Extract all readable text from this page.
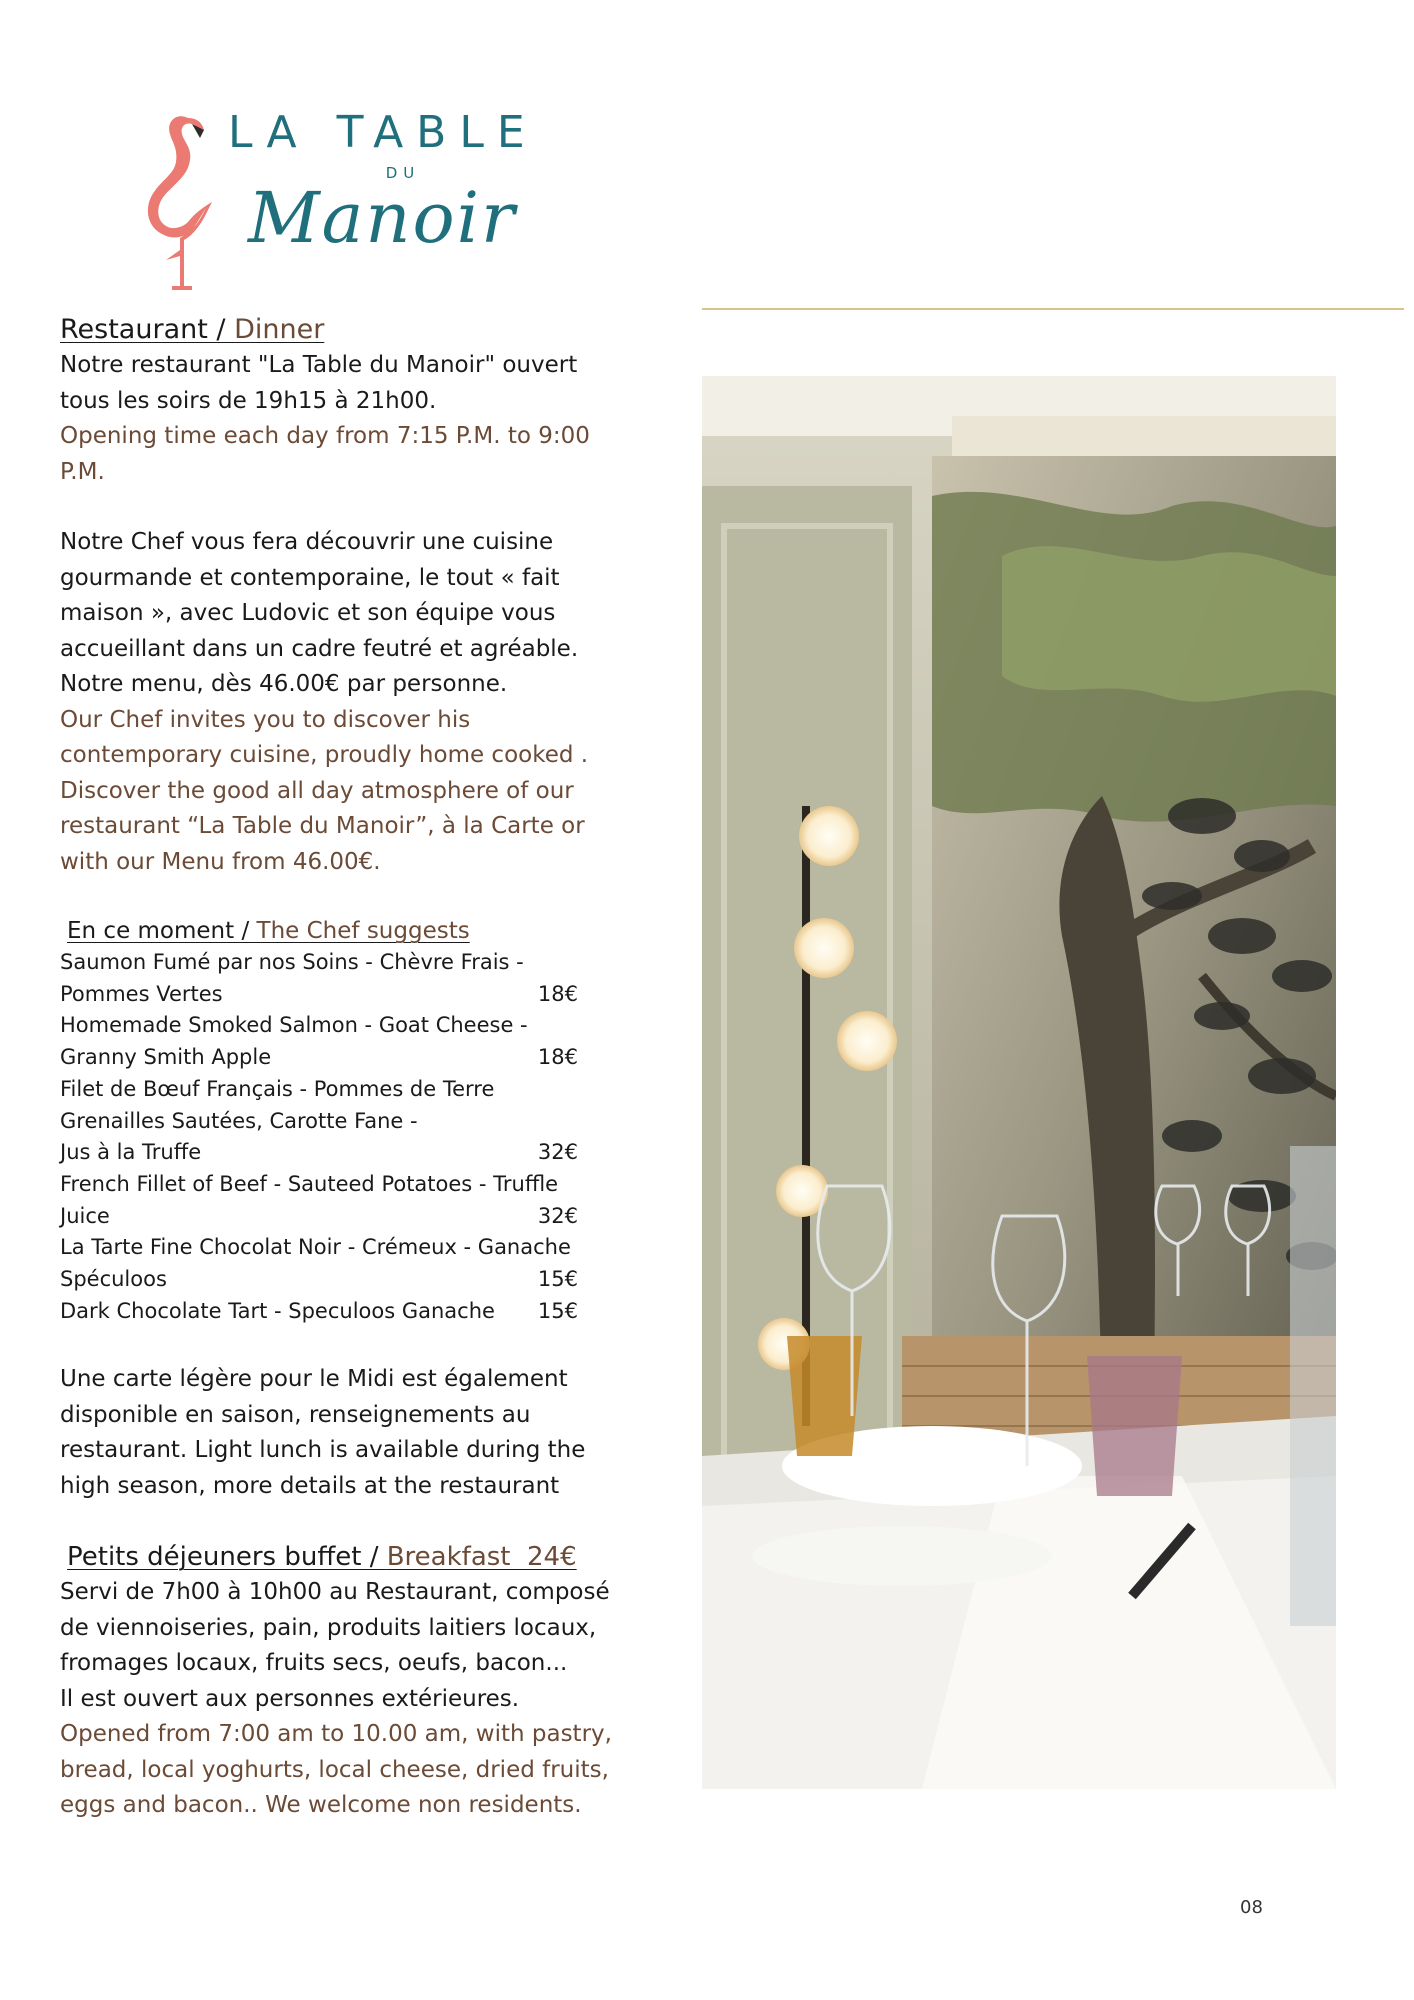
LA TABLE
DU
Manoir
Restaurant / Dinner

Notre restaurant "La Table du Manoir" ouvert tous les soirs de 19h15 à 21h00.

Opening time each day from 7:15 P.M. to 9:00 P.M.

Notre Chef vous fera découvrir une cuisine gourmande et contemporaine, le tout « fait maison », avec Ludovic et son équipe vous accueillant dans un cadre feutré et agréable. Notre menu, dès 46.00€ par personne.

Our Chef invites you to discover his contemporary cuisine, proudly home cooked . Discover the good all day atmosphere of our restaurant “La Table du Manoir”, à la Carte or with our Menu from 46.00€.

En ce moment / The Chef suggests
Saumon Fumé par nos Soins - Chèvre Frais -
Pommes Vertes	18€
Homemade Smoked Salmon - Goat Cheese -
Granny Smith Apple	18€
Filet de Bœuf Français - Pommes de Terre
Grenailles Sautées, Carotte Fane -
Jus à la Truffe	32€
French Fillet of Beef - Sauteed Potatoes - Truffle
Juice	32€
La Tarte Fine Chocolat Noir - Crémeux - Ganache
Spéculoos	15€
Dark Chocolate Tart - Speculoos Ganache 15€

Une carte légère pour le Midi est également disponible en saison, renseignements au restaurant. Light lunch is available during the high season, more details at the restaurant

Petits déjeuners buffet / Breakfast  24€

Servi de 7h00 à 10h00 au Restaurant, composé de viennoiseries, pain, produits laitiers locaux, fromages locaux, fruits secs, oeufs, bacon...

Il est ouvert aux personnes extérieures.

Opened from 7:00 am to 10.00 am, with pastry, bread, local yoghurts, local cheese, dried fruits, eggs and bacon.. We welcome non residents.

08
